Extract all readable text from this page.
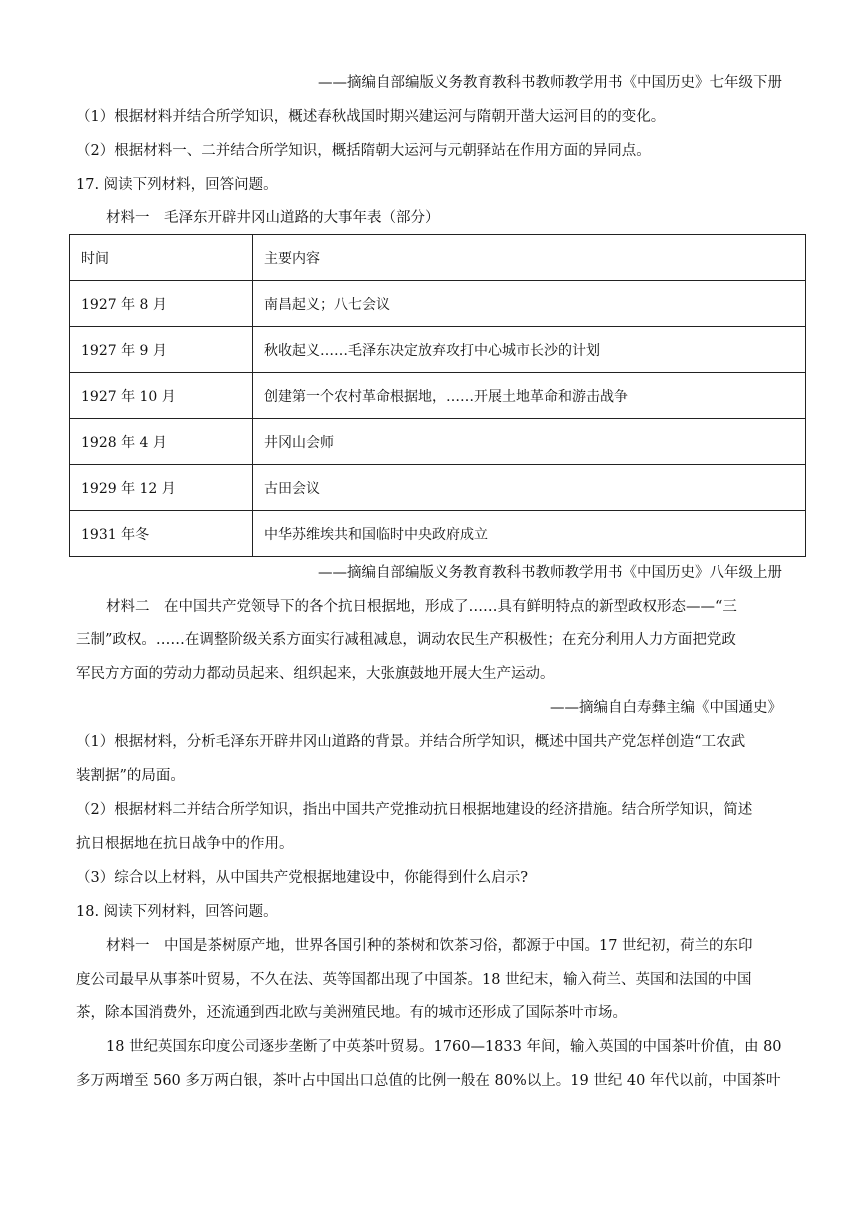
——摘编自部编版义务教育教科书教师教学用书《中国历史》七年级下册
（1）根据材料并结合所学知识，概述春秋战国时期兴建运河与隋朝开凿大运河目的的变化。
（2）根据材料一、二并结合所学知识，概括隋朝大运河与元朝驿站在作用方面的异同点。
17. 阅读下列材料，回答问题。
材料一　毛泽东开辟井冈山道路的大事年表（部分）
时间	主要内容
1927 年 8 月	南昌起义；八七会议
1927 年 9 月	秋收起义……毛泽东决定放弃攻打中心城市长沙的计划
1927 年 10 月	创建第一个农村革命根据地，……开展土地革命和游击战争
1928 年 4 月	井冈山会师
1929 年 12 月	古田会议
1931 年冬	中华苏维埃共和国临时中央政府成立
——摘编自部编版义务教育教科书教师教学用书《中国历史》八年级上册
材料二　在中国共产党领导下的各个抗日根据地，形成了……具有鲜明特点的新型政权形态——“三
三制”政权。……在调整阶级关系方面实行减租减息，调动农民生产积极性；在充分利用人力方面把党政
军民方方面的劳动力都动员起来、组织起来，大张旗鼓地开展大生产运动。
——摘编自白寿彝主编《中国通史》
（1）根据材料，分析毛泽东开辟井冈山道路的背景。并结合所学知识，概述中国共产党怎样创造“工农武
装割据”的局面。
（2）根据材料二并结合所学知识，指出中国共产党推动抗日根据地建设的经济措施。结合所学知识，简述
抗日根据地在抗日战争中的作用。
（3）综合以上材料，从中国共产党根据地建设中，你能得到什么启示?
18. 阅读下列材料，回答问题。
材料一　中国是茶树原产地，世界各国引种的茶树和饮茶习俗，都源于中国。17 世纪初，荷兰的东印
度公司最早从事茶叶贸易，不久在法、英等国都出现了中国茶。18 世纪末，输入荷兰、英国和法国的中国
茶，除本国消费外，还流通到西北欧与美洲殖民地。有的城市还形成了国际茶叶市场。
18 世纪英国东印度公司逐步垄断了中英茶叶贸易。1760—1833 年间，输入英国的中国茶叶价值，由 80
多万两增至 560 多万两白银，茶叶占中国出口总值的比例一般在 80%以上。19 世纪 40 年代以前，中国茶叶
